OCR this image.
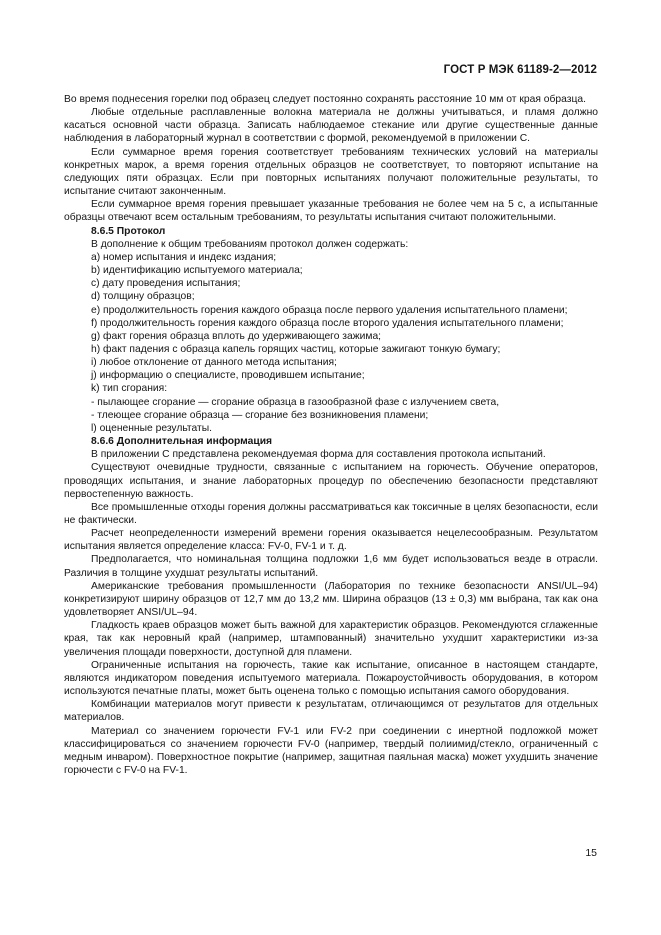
ГОСТ Р МЭК 61189-2—2012

Во время поднесения горелки под образец следует постоянно сохранять расстояние 10 мм от края образца.

Любые отдельные расплавленные волокна материала не должны учитываться, и пламя должно касаться основной части образца. Записать наблюдаемое стекание или другие существенные данные наблюдения в лабораторный журнал в соответствии с формой, рекомендуемой в приложении С.

Если суммарное время горения соответствует требованиям техническиx условий на материалы конкретных марок, а время горения отдельных образцов не соответствует, то повторяют испытание на следующих пяти образцах. Если при повторных испытаниях получают положительные результаты, то испытание считают законченным.

Если суммарное время горения превышает указанные требования не более чем на 5 с, а испытанные образцы отвечают всем остальным требованиям, то результаты испытания считают положительными.

8.6.5 Протокол

В дополнение к общим требованиям протокол должен содержать:

а) номер испытания и индекс издания;

b) идентификацию испытуемого материала;

c) дату проведения испытания;

d) толщину образцов;

e) продолжительность горения каждого образца после первого удаления испытательного пламени;

f) продолжительность горения каждого образца после второго удаления испытательного пламени;

g) факт горения образца вплоть до удерживающего зажима;

h) факт падения с образца капель горящих частиц, которые зажигают тонкую бумагу;

i) любое отклонение от данного метода испытания;

j) информацию о специалисте, проводившем испытание;

k) тип сгорания:

- пылающее сгорание — сгорание образца в газообразной фазе с излучением света,

- тлеющее сгорание образца — сгорание без возникновения пламени;

l) оцененные результаты.

8.6.6 Дополнительная информация

В приложении С представлена рекомендуемая форма для составления протокола испытаний.

Существуют очевидные трудности, связанные с испытанием на горючесть. Обучение операторов, проводящих испытания, и знание лабораторных процедур по обеспечению безопасности представляют первостепенную важность.

Все промышленные отходы горения должны рассматриваться как токсичные в целях безопасности, если не фактически.

Расчет неопределенности измерений времени горения оказывается нецелесообразным. Результатом испытания является определение класса: FV-0, FV-1 и т. д.

Предполагается, что номинальная толщина подложки 1,6 мм будет использоваться везде в отрасли. Различия в толщине ухудшат результаты испытаний.

Американские требования промышленности (Лаборатория по технике безопасности ANSI/UL–94) конкретизируют ширину образцов от 12,7 мм до 13,2 мм. Ширина образцов (13 ± 0,3) мм выбрана, так как она удовлетворяет ANSI/UL–94.

Гладкость краев образцов может быть важной для характеристик образцов. Рекомендуются сглаженные края, так как неровный край (например, штампованный) значительно ухудшит характеристики из-за увеличения площади поверхности, доступной для пламени.

Ограниченные испытания на горючесть, такие как испытание, описанное в настоящем стандарте, являются индикатором поведения испытуемого материала. Пожароустойчивость оборудования, в котором используются печатные платы, может быть оценена только с помощью испытания самого оборудования.

Комбинации материалов могут привести к результатам, отличающимся от результатов для отдельных материалов.

Материал со значением горючести FV-1 или FV-2 при соединении с инертной подложкой может классифицироваться со значением горючести FV-0 (например, твердый полиимид/стекло, ограниченный с медным инваром). Поверхностное покрытие (например, защитная паяльная маска) может ухудшить значение горючести с FV-0 на FV-1.

15
